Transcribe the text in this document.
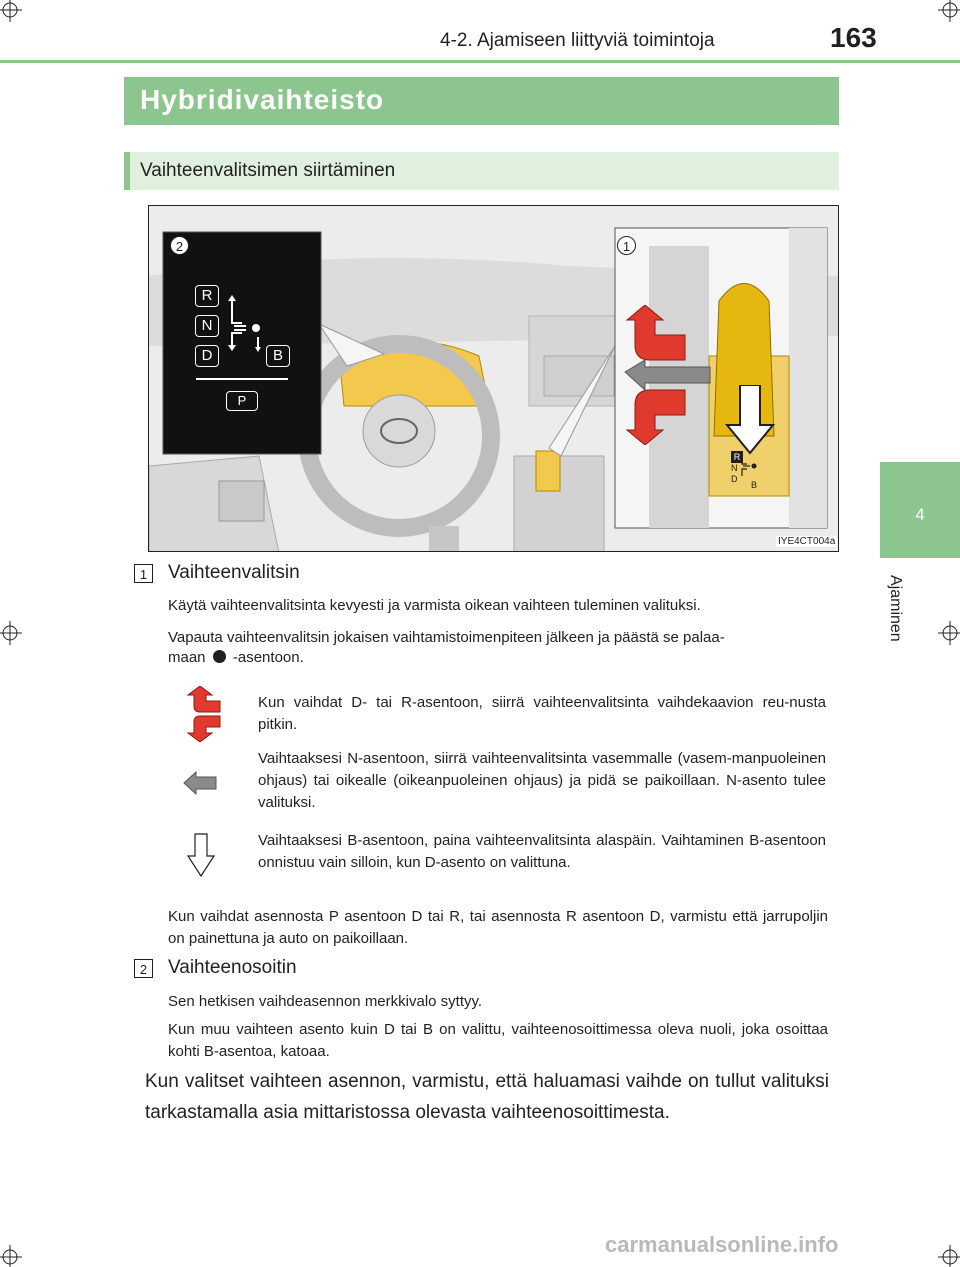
4-2. Ajamiseen liittyviä toimintoja	163
4
Ajaminen
Hybridivaihteisto
Vaihteenvalitsimen siirtäminen
2	1
R
N
D	B
P
R
N
D
B
IYE4CT004a
1	Vaihteenvalitsin
Käytä vaihteenvalitsinta kevyesti ja varmista oikean vaihteen tuleminen valituksi.
Vapauta vaihteenvalitsin jokaisen vaihtamistoimenpiteen jälkeen ja päästä se palaa-
maan -asentoon.
Kun vaihdat D- tai R-asentoon, siirrä vaihteenvalitsinta vaihdekaavion reu-nusta pitkin.
Vaihtaaksesi N-asentoon, siirrä vaihteenvalitsinta vasemmalle (vasem-manpuoleinen ohjaus) tai oikealle (oikeanpuoleinen ohjaus) ja pidä se paikoillaan. N-asento tulee valituksi.
Vaihtaaksesi B-asentoon, paina vaihteenvalitsinta alaspäin. Vaihtaminen B-asentoon onnistuu vain silloin, kun D-asento on valittuna.
Kun vaihdat asennosta P asentoon D tai R, tai asennosta R asentoon D, varmistu että jarrupoljin on painettuna ja auto on paikoillaan.
2	Vaihteenosoitin
Sen hetkisen vaihdeasennon merkkivalo syttyy.
Kun muu vaihteen asento kuin D tai B on valittu, vaihteenosoittimessa oleva nuoli, joka osoittaa kohti B-asentoa, katoaa.
Kun valitset vaihteen asennon, varmistu, että haluamasi vaihde on tullut valituksi tarkastamalla asia mittaristossa olevasta vaihteenosoittimesta.
carmanualsonline.info
